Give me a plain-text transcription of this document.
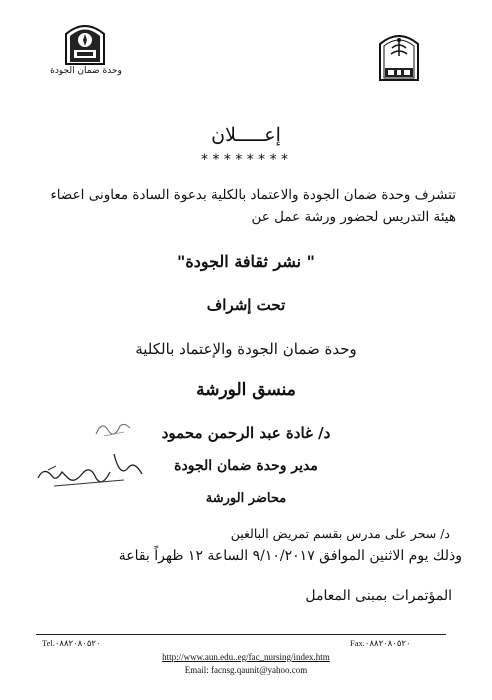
وحدة ضمان الجودة
إعـــــلان
********
تتشرف وحدة ضمان الجودة والاعتماد بالكلية بدعوة السادة معاونى اعضاء هيئة التدريس لحضور ورشة عمل عن
" نشر ثقافة الجودة"
تحت إشراف
وحدة ضمان الجودة والإعتماد بالكلية
منسق الورشة
د/ غادة عبد الرحمن محمود
مدير وحدة ضمان الجودة
محاضر الورشة
د/ سحر على مدرس بقسم تمريض البالغين
وذلك يوم الاثنين الموافق ٩/١٠/٢٠١٧ الساعة ١٢ ظهراً بقاعة
المؤتمرات بمبنى المعامل
Tel.٠٨٨٢٠٨٠٥٢٠	Fax.٠٨٨٢٠٨٠٥٢٠
http://www.aun.edu..eg/fac_nursing/index.htm
Email: facnsg.qaunit@yahoo.com
